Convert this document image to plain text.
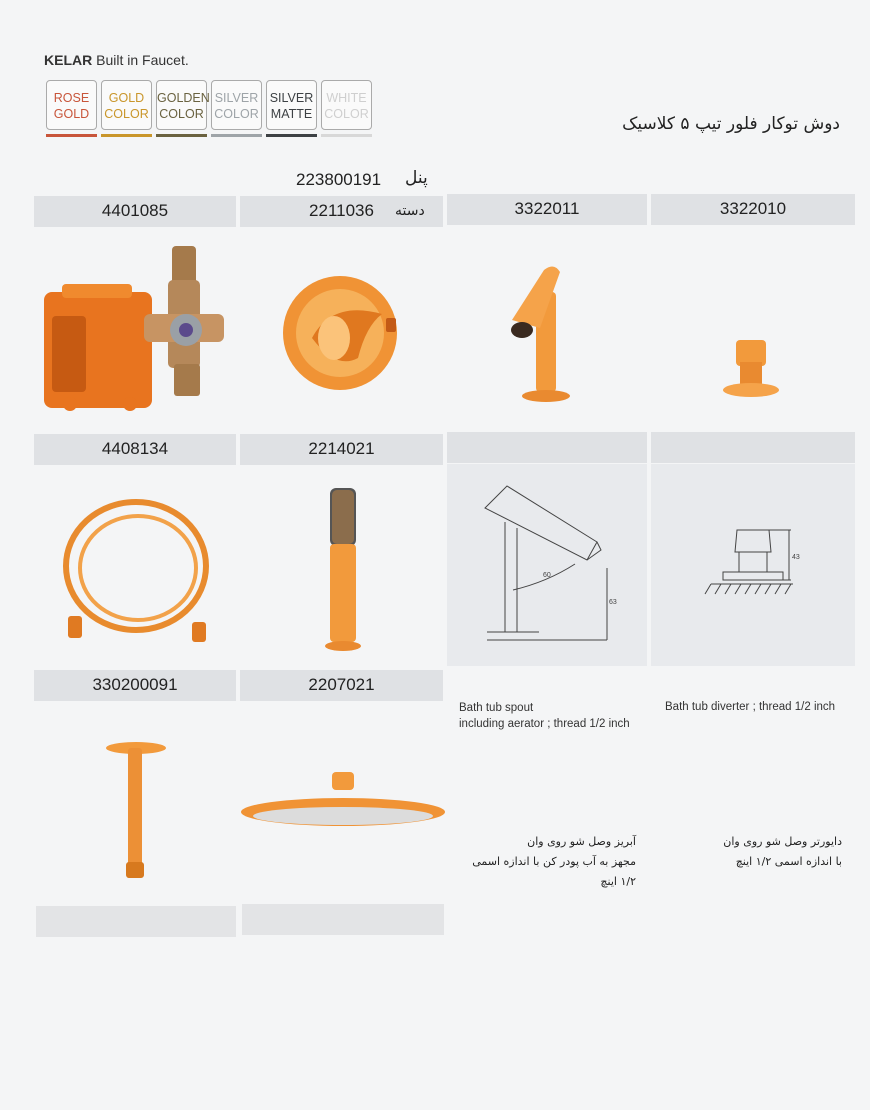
KELAR Built in Faucet.
ROSE
GOLD
GOLD
COLOR
GOLDEN
COLOR
SILVER
COLOR
SILVER
MATTE
WHITE
COLOR	دوش توکار فلور تیپ ۵ کلاسیک
223800191 پنل
4401085	2211036	دسته	3322011	3322010
4408134	2214021
60
63
43
330200091	2207021
Bath tub spout
including aerator ; thread 1/2 inch
Bath tub diverter ; thread 1/2 inch
آبریز وصل شو روی وان
مجهز به آب پودر کن با اندازه اسمی
۱/۲ اینچ
دایورتر وصل شو روی وان
با اندازه اسمی ۱/۲ اینچ
